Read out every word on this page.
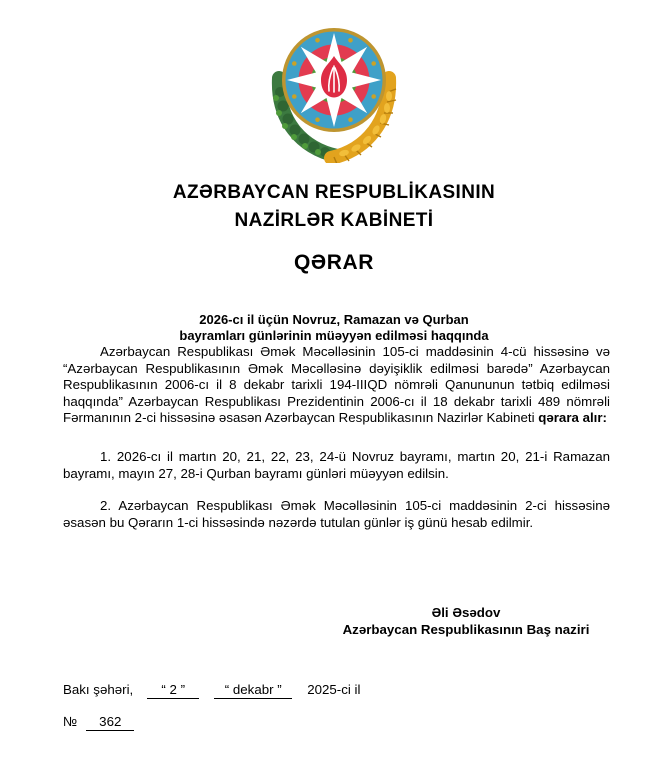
AZƏRBAYCAN RESPUBLİKASININ
NAZİRLƏR KABİNETİ
QƏRAR
2026-cı il üçün Novruz, Ramazan və Qurban
bayramları günlərinin müəyyən edilməsi haqqında

Azərbaycan Respublikası Əmək Məcəlləsinin 105-ci maddəsinin 4-cü hissəsinə və “Azərbaycan Respublikasının Əmək Məcəlləsinə dəyişiklik edilməsi barədə” Azərbaycan Respublikasının 2006-cı il 8 dekabr tarixli 194-IIIQD nömrəli Qanununun tətbiq edilməsi haqqında” Azərbaycan Respublikası Prezidentinin 2006-cı il 18 dekabr tarixli 489 nömrəli Fərmanının 2-ci hissəsinə əsasən Azərbaycan Respublikasının Nazirlər Kabineti qərara alır:

1. 2026-cı il martın 20, 21, 22, 23, 24-ü Novruz bayramı, martın 20, 21-i Ramazan bayramı, mayın 27, 28-i Qurban bayramı günləri müəyyən edilsin.

2. Azərbaycan Respublikası Əmək Məcəlləsinin 105-ci maddəsinin 2-ci hissəsinə əsasən bu Qərarın 1-ci hissəsində nəzərdə tutulan günlər iş günü hesab edilmir.

Əli Əsədov
Azərbaycan Respublikasının Baş naziri
Bakı şəhəri,	“ 2 ”	“ dekabr ”	2025-ci il
№	362
